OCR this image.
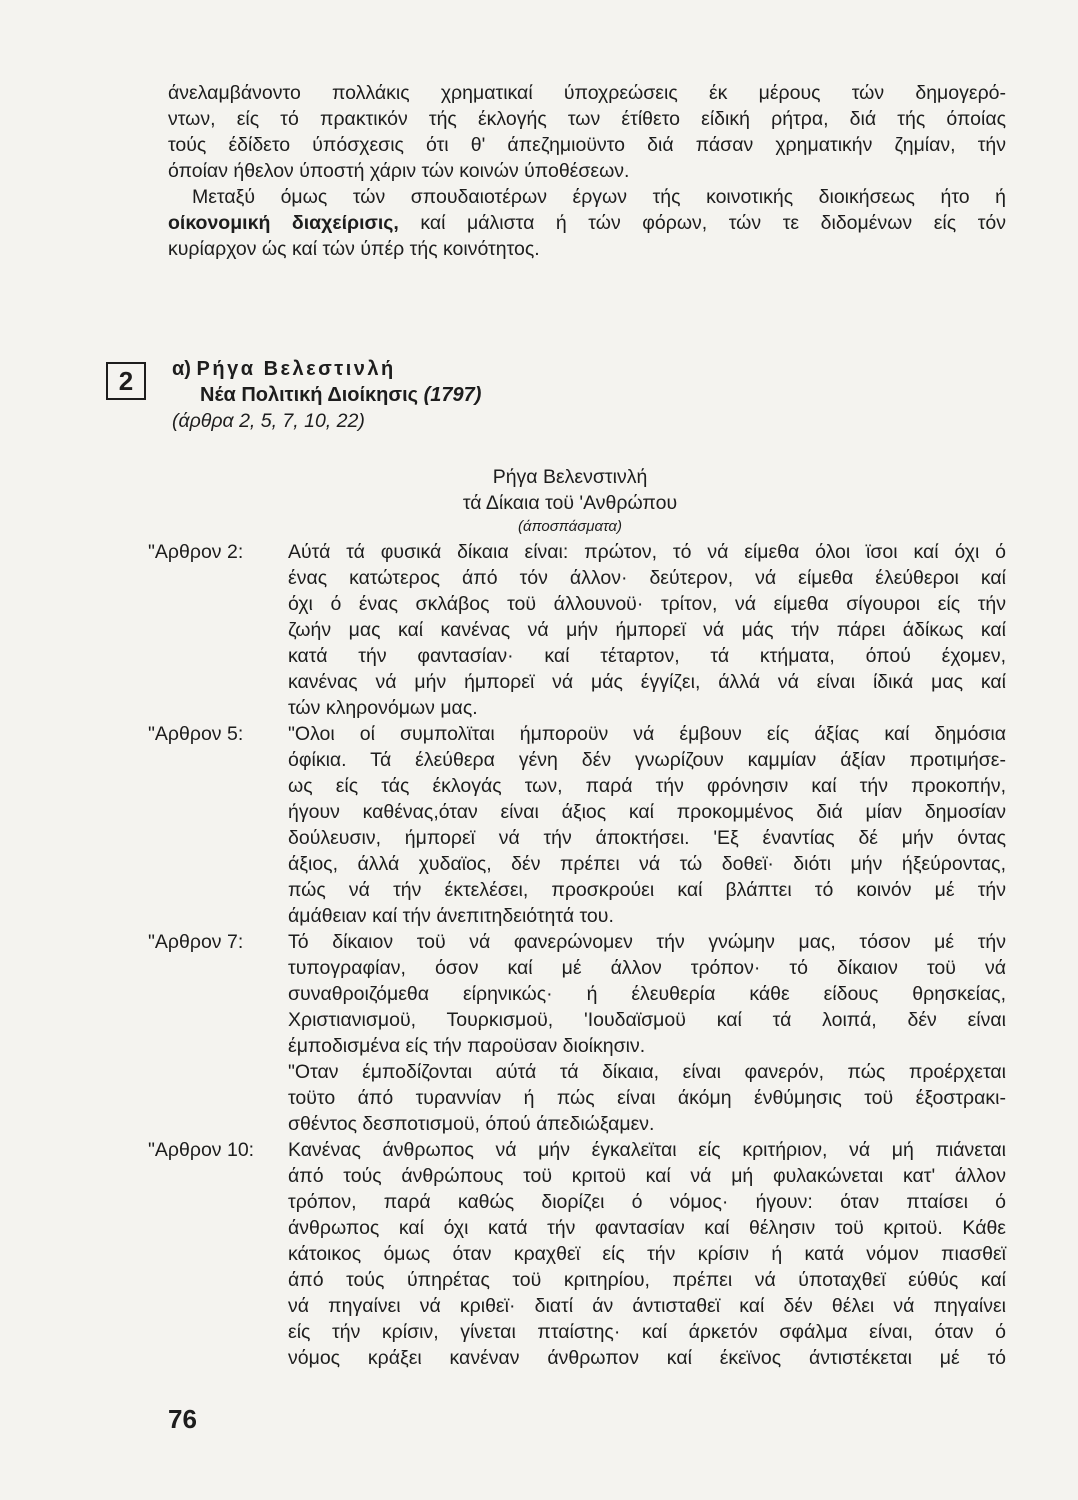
άνελαμβάνοντο πολλάκις χρηματικαί ύποχρεώσεις έκ μέρους τών δημογερό-
ντων, είς τό πρακτικόν τής έκλογής των έτίθετο είδική ρήτρα, διά τής όποίας
τούς έδίδετο ύπόσχεσις ότι θ' άπεζημιοϋντο διά πάσαν χρηματικήν ζημίαν, τήν
όποίαν ήθελον ύποστή χάριν τών κοινών ύποθέσεων.
Μεταξύ όμως τών σπουδαιοτέρων έργων τής κοινοτικής διοικήσεως ήτο ή
οίκονομική διαχείρισις, καί μάλιστα ή τών φόρων, τών τε διδομένων είς τόν
κυρίαρχον ώς καί τών ύπέρ τής κοινότητος.
2	α) Ρήγα Βελεστινλή
Νέα Πολιτική Διοίκησις (1797)
(άρθρα 2, 5, 7, 10, 22)
Ρήγα Βελενστινλή
τά Δίκαια τοϋ 'Ανθρώπου
(άποσπάσματα)
"Αρθρον 2:	Αύτά τά φυσικά δίκαια είναι: πρώτον, τό νά είμεθα όλοι ϊσοι καί όχι ό
ένας κατώτερος άπό τόν άλλον· δεύτερον, νά είμεθα έλεύθεροι καί
όχι ό ένας σκλάβος τοϋ άλλουνοϋ· τρίτον, νά είμεθα σίγουροι είς τήν
ζωήν μας καί κανένας νά μήν ήμπορεϊ νά μάς τήν πάρει άδίκως καί
κατά τήν φαντασίαν· καί τέταρτον, τά κτήματα, όπού έχομεν,
κανένας νά μήν ήμπορεϊ νά μάς έγγίζει, άλλά νά είναι ίδικά μας καί
τών κληρονόμων μας.
"Αρθρον 5:	"Ολοι οί συμπολϊται ήμποροϋν νά έμβουν είς άξίας καί δημόσια
όφίκια. Τά έλεύθερα γένη δέν γνωρίζουν καμμίαν άξίαν προτιμήσε-
ως είς τάς έκλογάς των, παρά τήν φρόνησιν καί τήν προκοπήν,
ήγουν καθένας,όταν είναι άξιος καί προκομμένος διά μίαν δημοσίαν
δούλευσιν, ήμπορεϊ νά τήν άποκτήσει. 'Εξ έναντίας δέ μήν όντας
άξιος, άλλά χυδαϊος, δέν πρέπει νά τώ δοθεϊ· διότι μήν ήξεύροντας,
πώς νά τήν έκτελέσει, προσκρούει καί βλάπτει τό κοινόν μέ τήν
άμάθειαν καί τήν άνεπιτηδειότητά του.
"Αρθρον 7:	Τό δίκαιον τοϋ νά φανερώνομεν τήν γνώμην μας, τόσον μέ τήν
τυπογραφίαν, όσον καί μέ άλλον τρόπον· τό δίκαιον τοϋ νά
συναθροιζόμεθα είρηνικώς· ή έλευθερία κάθε είδους θρησκείας,
Χριστιανισμοϋ, Τουρκισμοϋ, 'Ιουδαϊσμοϋ καί τά λοιπά, δέν είναι
έμποδισμένα είς τήν παροϋσαν διοίκησιν.
"Οταν έμποδίζονται αύτά τά δίκαια, είναι φανερόν, πώς προέρχεται
τοϋτο άπό τυραννίαν ή πώς είναι άκόμη ένθύμησις τοϋ έξοστρακι-
σθέντος δεσποτισμοϋ, όπού άπεδιώξαμεν.
"Αρθρον 10:	Κανένας άνθρωπος νά μήν έγκαλεϊται είς κριτήριον, νά μή πιάνεται
άπό τούς άνθρώπους τοϋ κριτοϋ καί νά μή φυλακώνεται κατ' άλλον
τρόπον, παρά καθώς διορίζει ό νόμος· ήγουν: όταν πταίσει ό
άνθρωπος καί όχι κατά τήν φαντασίαν καί θέλησιν τοϋ κριτοϋ. Κάθε
κάτοικος όμως όταν κραχθεϊ είς τήν κρίσιν ή κατά νόμον πιασθεϊ
άπό τούς ύπηρέτας τοϋ κριτηρίου, πρέπει νά ύποταχθεϊ εύθύς καί
νά πηγαίνει νά κριθεϊ· διατί άν άντισταθεϊ καί δέν θέλει νά πηγαίνει
είς τήν κρίσιν, γίνεται πταίστης· καί άρκετόν σφάλμα είναι, όταν ό
νόμος κράξει κανέναν άνθρωπον καί έκεϊνος άντιστέκεται μέ τό
76
